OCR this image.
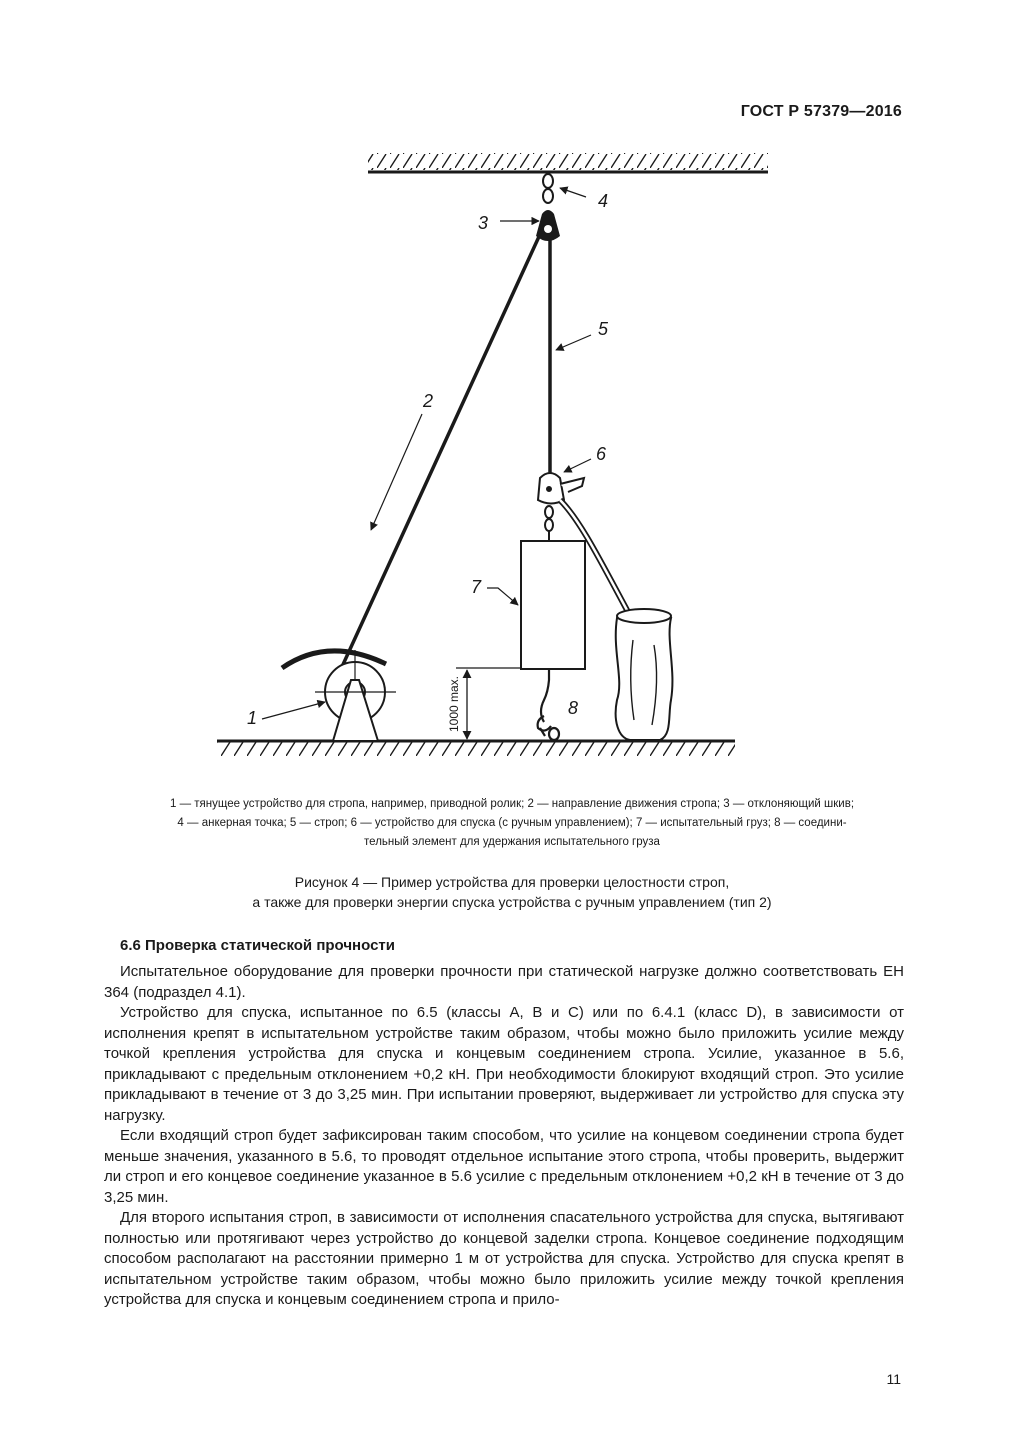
ГОСТ Р 57379—2016
1000 max.
4
3
5
2
6
7
8
1

1 — тянущее устройство для стропа, например, приводной ролик; 2 — направление движения стропа; 3 — отклоняющий шкив;

4 — анкерная точка; 5 — строп; 6 — устройство для спуска (с ручным управлением); 7 — испытательный груз; 8 — соедини-

тельный элемент для удержания испытательного груза

Рисунок 4 — Пример устройства для проверки целостности строп,

а также для проверки энергии спуска устройства с ручным управлением (тип 2)

6.6 Проверка статической прочности

Испытательное оборудование для проверки прочности при статической нагрузке должно соответствовать ЕН 364 (подраздел 4.1).

Устройство для спуска, испытанное по 6.5 (классы А, В и С) или по 6.4.1 (класс D), в зависимости от исполнения крепят в испытательном устройстве таким образом, чтобы можно было приложить усилие между точкой крепления устройства для спуска и концевым соединением стропа. Усилие, указанное в 5.6, прикладывают с предельным отклонением +0,2 кН. При необходимости блокируют входящий строп. Это усилие прикладывают в течение от 3 до 3,25 мин. При испытании проверяют, выдерживает ли устройство для спуска эту нагрузку.

Если входящий строп будет зафиксирован таким способом, что усилие на концевом соединении стропа будет меньше значения, указанного в 5.6, то проводят отдельное испытание этого стропа, чтобы проверить, выдержит ли строп и его концевое соединение указанное в 5.6 усилие с предельным отклонением +0,2 кН в течение от 3 до 3,25 мин.

Для второго испытания строп, в зависимости от исполнения спасательного устройства для спуска, вытягивают полностью или протягивают через устройство до концевой заделки стропа. Концевое соединение подходящим способом располагают на расстоянии примерно 1 м от устройства для спуска. Устройство для спуска крепят в испытательном устройстве таким образом, чтобы можно было приложить усилие между точкой крепления устройства для спуска и концевым соединением стропа и прило-

11
